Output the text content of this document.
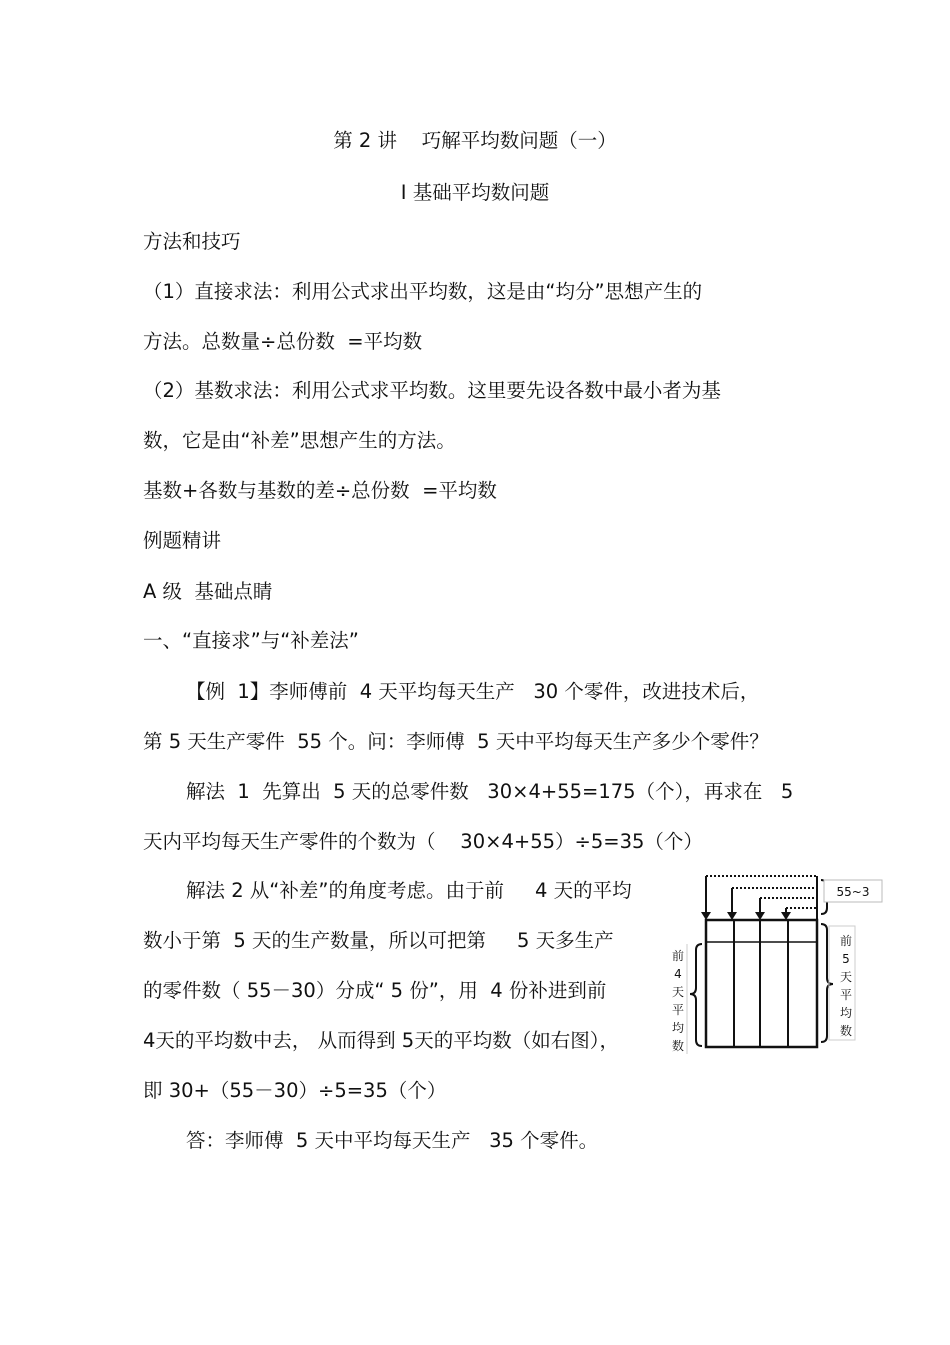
第 2 讲    巧解平均数问题（一）
Ⅰ 基础平均数问题
方法和技巧
（1）直接求法：利用公式求出平均数，这是由“均分”思想产生的
方法。总数量÷总份数  =平均数
（2）基数求法：利用公式求平均数。这里要先设各数中最小者为基
数，它是由“补差”思想产生的方法。
基数+各数与基数的差÷总份数  =平均数
例题精讲
A 级  基础点睛
一、“直接求”与“补差法”
【例  1】李师傅前  4 天平均每天生产   30 个零件，改进技术后，
第 5 天生产零件  55 个。问：李师傅  5 天中平均每天生产多少个零件？
解法  1  先算出  5 天的总零件数   30×4+55=175（个），再求在   5
天内平均每天生产零件的个数为（    30×4+55）÷5=35（个）
解法 2 从“补差”的角度考虑。由于前     4 天的平均
数小于第  5 天的生产数量，所以可把第     5 天多生产
的零件数（ 55－30）分成“ 5 份”，用  4 份补进到前
4天的平均数中去， 从而得到 5天的平均数（如右图），
即 30+（55－30）÷5=35（个）
答：李师傅  5 天中平均每天生产   35 个零件。
55~3
前
4
天
平
均
数
前
5
天
平
均
数
